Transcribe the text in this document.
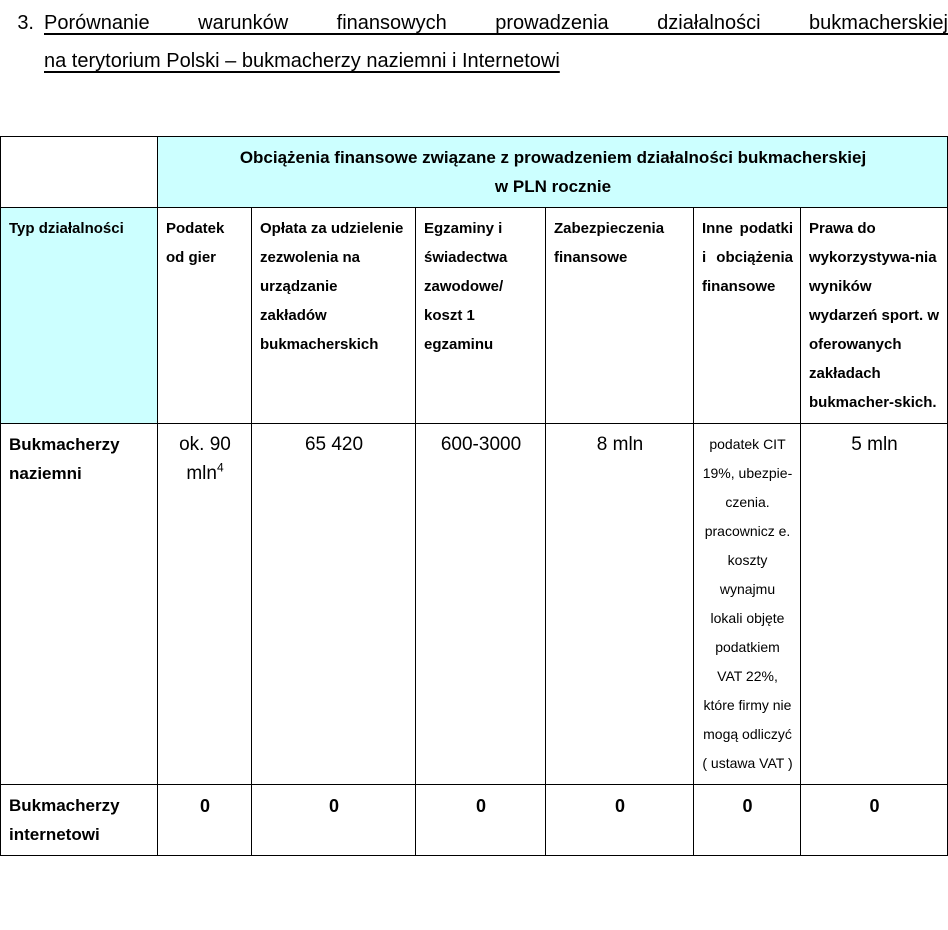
3. Porównanie warunków finansowych prowadzenia działalności bukmacherskiej
na terytorium Polski – bukmacherzy naziemni i Internetowi

	Obciążenia finansowe związane z prowadzeniem działalności bukmacherskiej
w PLN rocznie					

Typ działalności	Podatek od gier	Opłata za udzielenie zezwolenia na urządzanie zakładów bukmacherskich	Egzaminy i świadectwa zawodowe/ koszt 1 egzaminu	Zabezpieczenia finansowe	Inne podatki i obciążenia finansowe	Prawa do wykorzystywa-nia wyników wydarzeń sport. w oferowanych zakładach bukmacher-skich.
Bukmacherzy naziemni	ok. 90 mln$^4$	65 420	600-3000	8 mln	podatek CIT 19%, ubezpie-czenia. pracownicz e. koszty wynajmu lokali objęte podatkiem VAT 22%, które firmy nie mogą odliczyć ( ustawa VAT )	5 mln
Bukmacherzy internetowi	0	0	0	0	0	0
